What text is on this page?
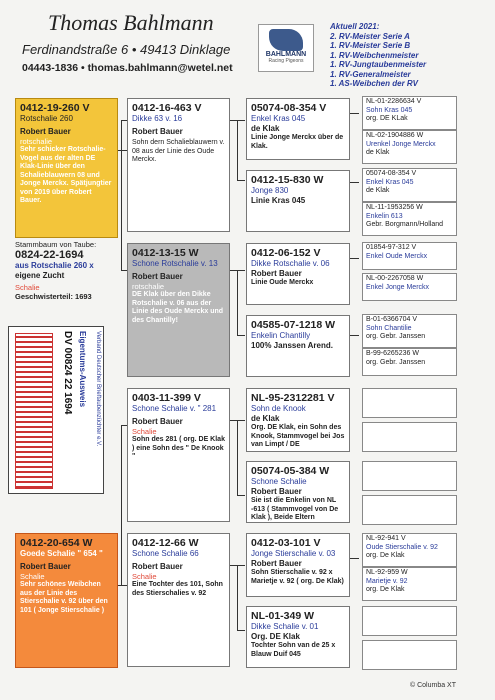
Thomas Bahlmann
Ferdinandstraße 6 • 49413 Dinklage
04443-1836 • thomas.bahlmann@wetel.net
BAHLMANN
Racing Pigeons
Aktuell 2021:
2. RV-Meister Serie A
1. RV-Meister Serie B
1. RV-Weibchenmeister
1. RV-Jungtaubenmeister
1. RV-Generalmeister
1. AS-Weibchen der RV
0412-19-260 V
Rotschalie 260
Robert Bauer
rotschalie
Sehr schicker Rotschalie-Vogel aus der alten DE Klak-Linie über den Schalieblauwern 08 und Jonge Merckx. Spätjungtier von 2019 über Robert Bauer.
Stammbaum von Taube:
0824-22-1694
aus Rotschalie 260 x
eigene Zucht
Schalie
Geschwisterteil: 1693
Verband Deutscher Brieftaubenzüchter e.V.
Eigentums-Ausweis
DV 00824 22 1694
0412-20-654 W
Goede Schalie " 654 "
Robert Bauer
Schalie
Sehr schönes Weibchen aus der Linie des Stierschalie v. 92 über den 101 ( Jonge Stierschalie )
0412-16-463 V
Dikke 63 v. 16
Robert Bauer
Sohn dern Schalieblauwern v. 08 aus der Linie des Oude Merckx.
0412-13-15 W
Schone Rotschalie v. 13
Robert Bauer
rotschalie
DE Klak über den Dikke Rotschalie v. 06 aus der Linie des Oude Merckx und des Chantilly!
0403-11-399 V
Schone Schalie v. " 281
Robert Bauer
Schalie
Sohn des 281 ( org. DE Klak ) eine Sohn des " De Knook "
0412-12-66 W
Schone Schalie 66
Robert Bauer
Schalie
Eine Tochter des 101, Sohn des Stierschalies v. 92
05074-08-354 V
Enkel Kras 045
de Klak
Linie Jonge Merckx über de Klak.
0412-15-830 W
Jonge 830
Linie Kras 045
0412-06-152 V
Dikke Rotschalie v. 06
Robert Bauer
Linie Oude Merckx
04585-07-1218 W
Enkelin Chantilly
100% Janssen Arend.
NL-95-2312281 V
Sohn de Knook
de Klak
Org. DE Klak, ein Sohn des Knook, Stammvogel bei Jos van Limpt / DE
05074-05-384 W
Schone Schalie
Robert Bauer
Sie ist die Enkelin von NL -613 ( Stammvogel von De Klak ), Beide Eltern
0412-03-101 V
Jonge Stierschalie v. 03
Robert Bauer
Sohn Stierschalie v. 92 x Marietje v. 92 ( org. De Klak)
NL-01-349 W
Dikke Schalie v. 01
Org. DE Klak
Tochter Sohn van de 25 x Blauw Duif 045
NL-01-2286634 V
Sohn Kras 045
org. DE KLak
NL-02-1904886 W
Urenkel Jonge Merckx
de Klak
05074-08-354 V
Enkel Kras 045
de Klak
NL-11-1953256 W
Enkelin 613
Gebr. Borgmann/Holland
01854-97-312 V
Enkel Oude Merckx
NL-00-2267058 W
Enkel Jonge Merckx
B-01-6366704 V
Sohn Chantilie
org. Gebr. Janssen
B-99-6265236 W
org. Gebr. Janssen
NL-92-941 V
Oude Stierschalie v. 92
org. De Klak
NL-92-959 W
Marietje v. 92
org. De Klak
© Columba XT
